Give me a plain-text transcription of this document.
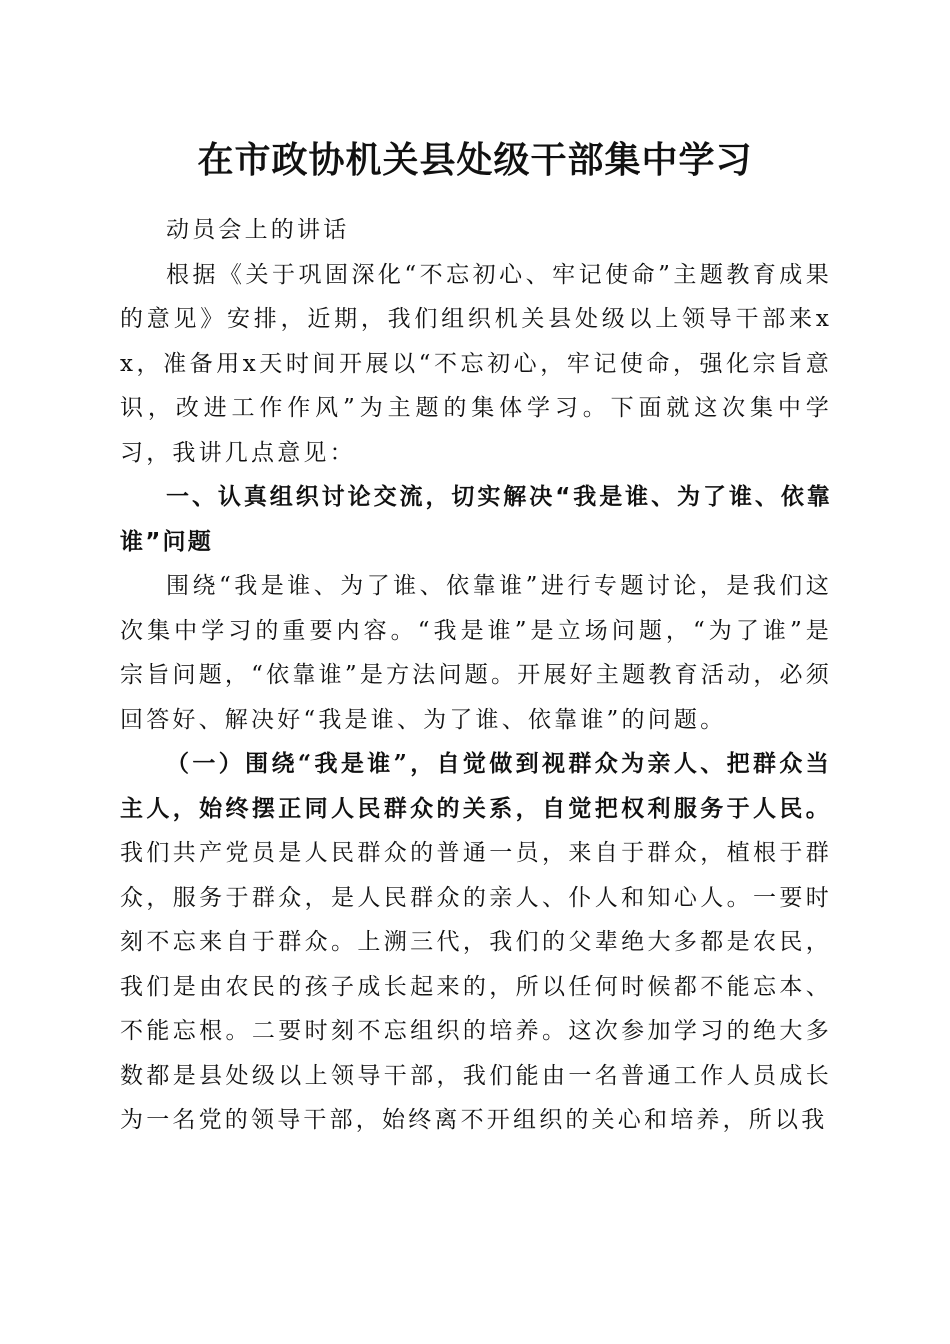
在市政协机关县处级干部集中学习

动员会上的讲话

根据《关于巩固深化“不忘初心、牢记使命”主题教育成果的意见》安排，近期，我们组织机关县处级以上领导干部来xx，准备用x天时间开展以“不忘初心，牢记使命，强化宗旨意识，改进工作作风”为主题的集体学习。下面就这次集中学习，我讲几点意见：

一、认真组织讨论交流，切实解决“我是谁、为了谁、依靠谁”问题

围绕“我是谁、为了谁、依靠谁”进行专题讨论，是我们这次集中学习的重要内容。“我是谁”是立场问题，“为了谁”是宗旨问题，“依靠谁”是方法问题。开展好主题教育活动，必须回答好、解决好“我是谁、为了谁、依靠谁”的问题。

（一）围绕“我是谁”，自觉做到视群众为亲人、把群众当主人，始终摆正同人民群众的关系，自觉把权利服务于人民。我们共产党员是人民群众的普通一员，来自于群众，植根于群众，服务于群众，是人民群众的亲人、仆人和知心人。一要时刻不忘来自于群众。上溯三代，我们的父辈绝大多都是农民，我们是由农民的孩子成长起来的，所以任何时候都不能忘本、不能忘根。二要时刻不忘组织的培养。这次参加学习的绝大多数都是县处级以上领导干部，我们能由一名普通工作人员成长为一名党的领导干部，始终离不开组织的关心和培养，所以我
